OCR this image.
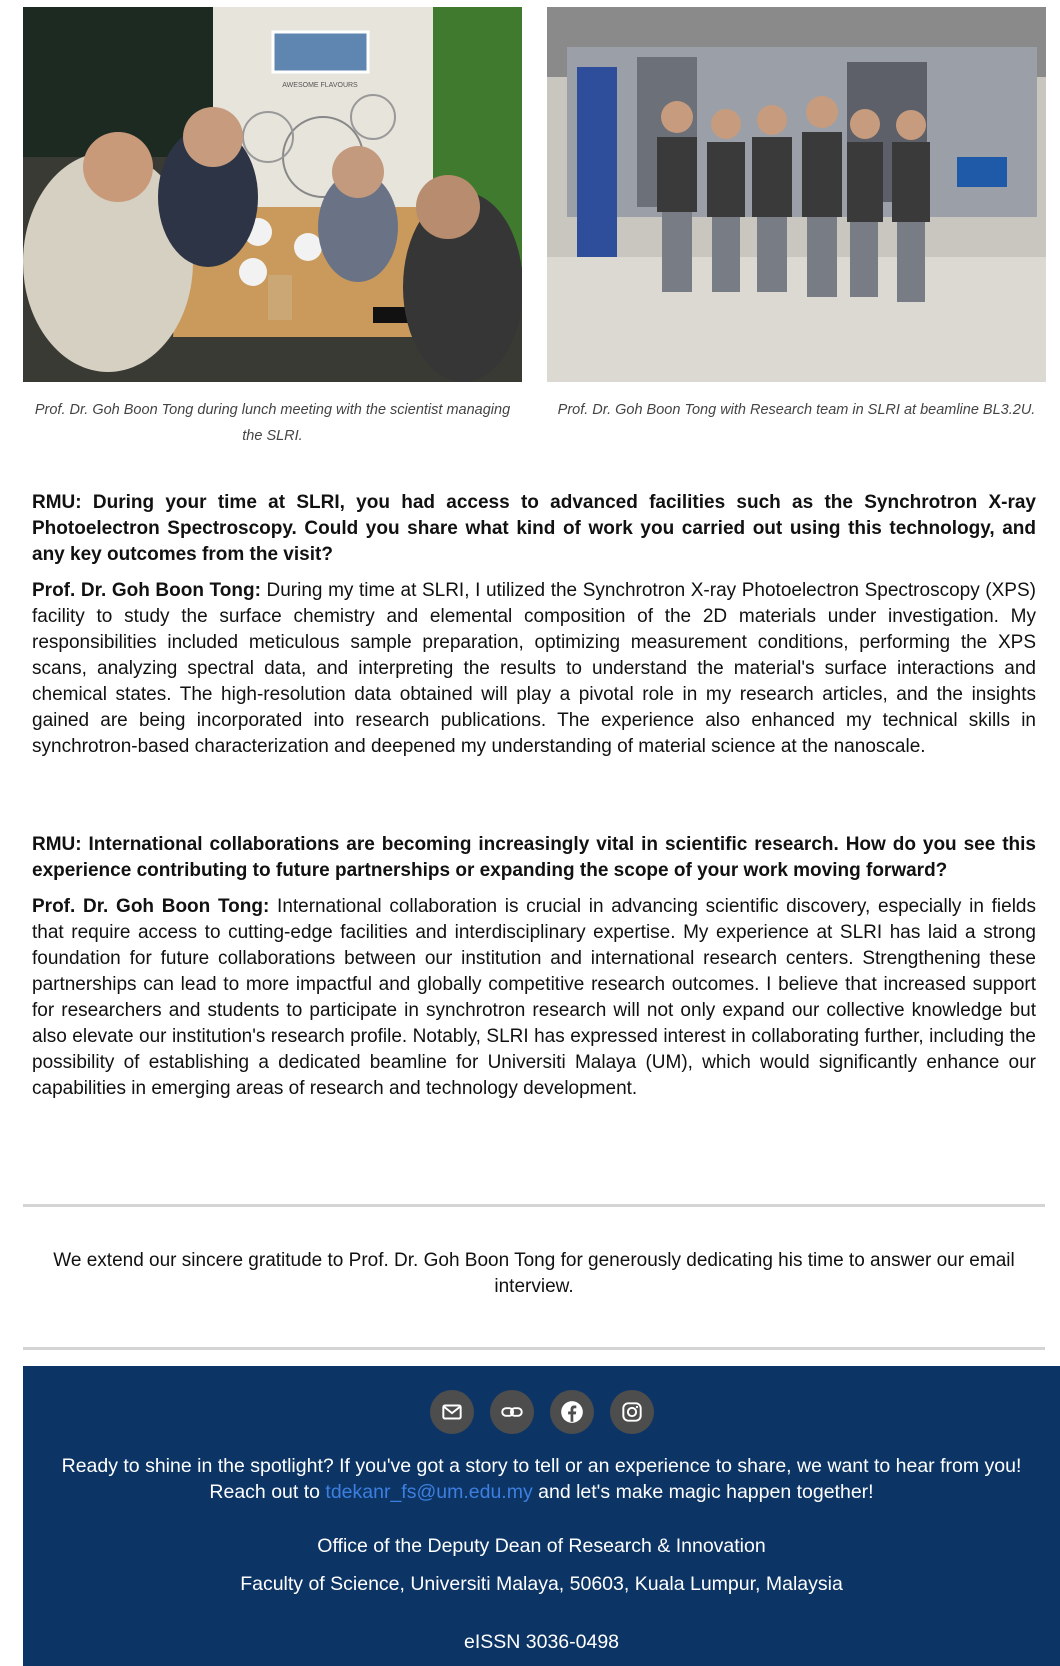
AWESOME FLAVOURS
Prof. Dr. Goh Boon Tong during lunch meeting with the scientist managing the SLRI.
Prof. Dr. Goh Boon Tong with Research team in SLRI at beamline BL3.2U.

RMU: During your time at SLRI, you had access to advanced facilities such as the Synchrotron X-ray Photoelectron Spectroscopy. Could you share what kind of work you carried out using this technology, and any key outcomes from the visit?

Prof. Dr. Goh Boon Tong: During my time at SLRI, I utilized the Synchrotron X-ray Photoelectron Spectroscopy (XPS) facility to study the surface chemistry and elemental composition of the 2D materials under investigation. My responsibilities included meticulous sample preparation, optimizing measurement conditions, performing the XPS scans, analyzing spectral data, and interpreting the results to understand the material's surface interactions and chemical states. The high-resolution data obtained will play a pivotal role in my research articles, and the insights gained are being incorporated into research publications. The experience also enhanced my technical skills in synchrotron-based characterization and deepened my understanding of material science at the nanoscale.

RMU: International collaborations are becoming increasingly vital in scientific research. How do you see this experience contributing to future partnerships or expanding the scope of your work moving forward?

Prof. Dr. Goh Boon Tong: International collaboration is crucial in advancing scientific discovery, especially in fields that require access to cutting-edge facilities and interdisciplinary expertise. My experience at SLRI has laid a strong foundation for future collaborations between our institution and international research centers. Strengthening these partnerships can lead to more impactful and globally competitive research outcomes. I believe that increased support for researchers and students to participate in synchrotron research will not only expand our collective knowledge but also elevate our institution's research profile. Notably, SLRI has expressed interest in collaborating further, including the possibility of establishing a dedicated beamline for Universiti Malaya (UM), which would significantly enhance our capabilities in emerging areas of research and technology development.

We extend our sincere gratitude to Prof. Dr. Goh Boon Tong for generously dedicating his time to answer our email interview.
Ready to shine in the spotlight? If you've got a story to tell or an experience to share, we want to hear from you! Reach out to tdekanr_fs@um.edu.my and let's make magic happen together!
Office of the Deputy Dean of Research & Innovation
Faculty of Science, Universiti Malaya, 50603, Kuala Lumpur, Malaysia
eISSN 3036-0498
